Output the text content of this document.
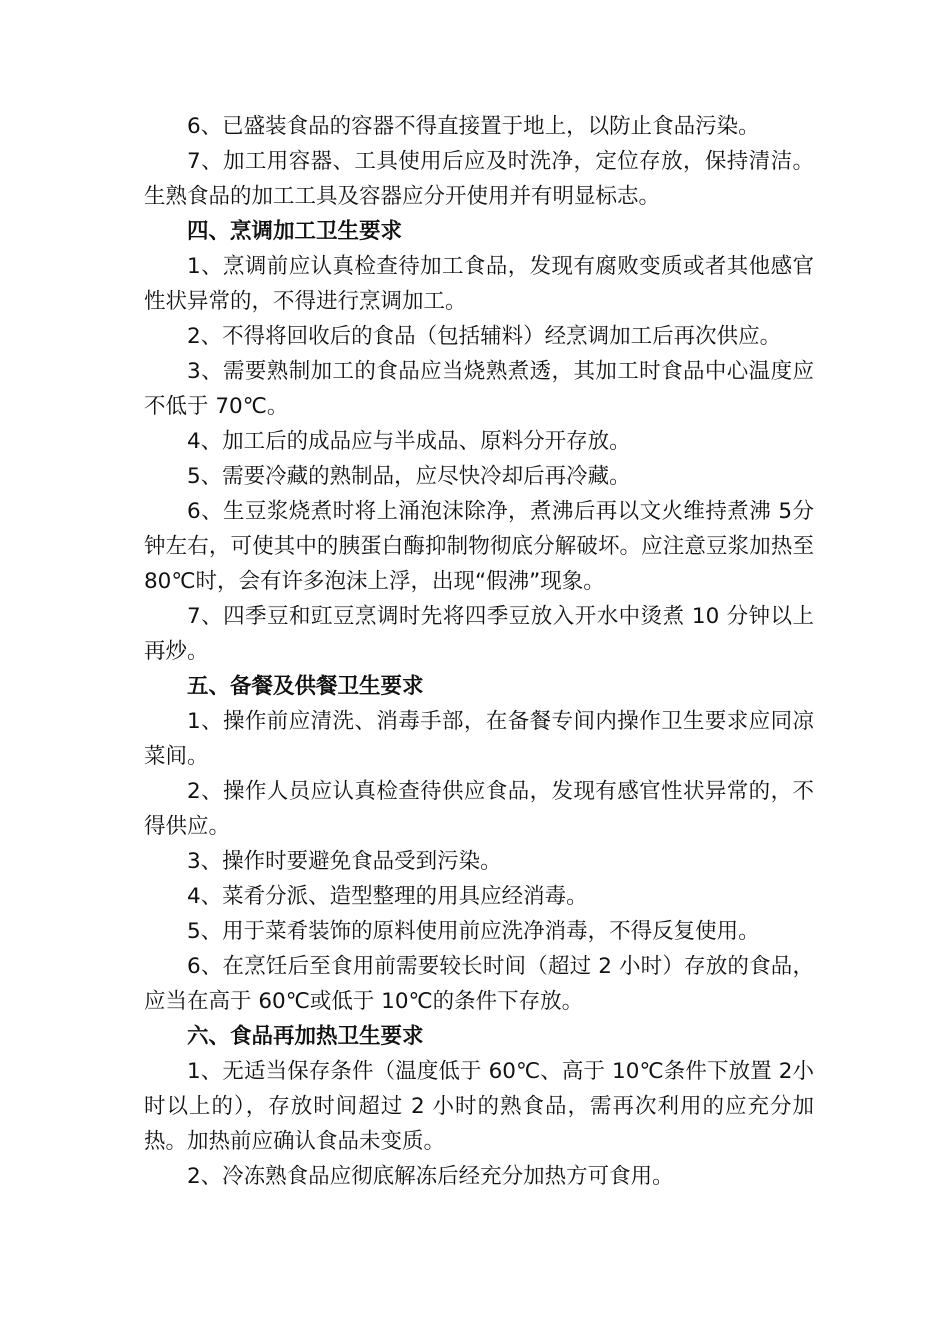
6、已盛装食品的容器不得直接置于地上，以防止食品污染。

7、加工用容器、工具使用后应及时洗净，定位存放，保持清洁。生熟食品的加工工具及容器应分开使用并有明显标志。

四、烹调加工卫生要求

1、烹调前应认真检查待加工食品，发现有腐败变质或者其他感官性状异常的，不得进行烹调加工。

2、不得将回收后的食品（包括辅料）经烹调加工后再次供应。

3、需要熟制加工的食品应当烧熟煮透，其加工时食品中心温度应不低于 70℃。

4、加工后的成品应与半成品、原料分开存放。

5、需要冷藏的熟制品，应尽快冷却后再冷藏。

6、生豆浆烧煮时将上涌泡沫除净，煮沸后再以文火维持煮沸 5分钟左右，可使其中的胰蛋白酶抑制物彻底分解破坏。应注意豆浆加热至 80℃时，会有许多泡沫上浮，出现“假沸”现象。

7、四季豆和豇豆烹调时先将四季豆放入开水中烫煮 10 分钟以上再炒。

五、备餐及供餐卫生要求

1、操作前应清洗、消毒手部，在备餐专间内操作卫生要求应同凉菜间。

2、操作人员应认真检查待供应食品，发现有感官性状异常的，不得供应。

3、操作时要避免食品受到污染。

4、菜肴分派、造型整理的用具应经消毒。

5、用于菜肴装饰的原料使用前应洗净消毒，不得反复使用。

6、在烹饪后至食用前需要较长时间（超过 2 小时）存放的食品，应当在高于 60℃或低于 10℃的条件下存放。

六、食品再加热卫生要求

1、无适当保存条件（温度低于 60℃、高于 10℃条件下放置 2小时以上的），存放时间超过 2 小时的熟食品，需再次利用的应充分加热。加热前应确认食品未变质。

2、冷冻熟食品应彻底解冻后经充分加热方可食用。
